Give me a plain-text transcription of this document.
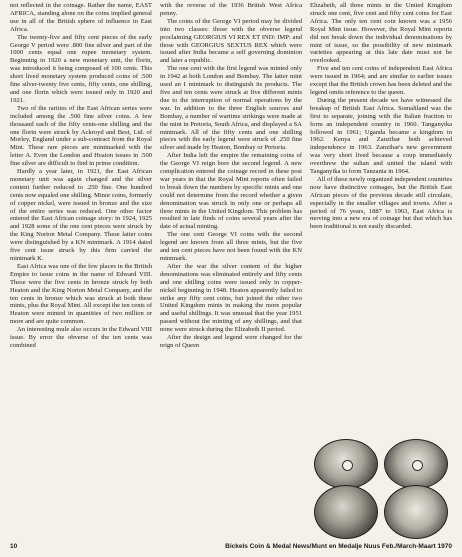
not reflected in the coinage. Rather the name, EAST AFRICA, standing alone on the coins implied general use in all of the British sphere of influence in East Africa.

The twenty-five and fifty cent pieces of the early George V period were .800 fine silver and part of the 1000 cents equal one rupee monetary system. Beginning in 1920 a new monetary unit, the florin, was introduced it being composed of 100 cents. This short lived monetary system produced coins of .500 fine silver-twenty five cents, fifty cents, one shilling, and one florin which were issued only in 1920 and 1921.

Two of the rarities of the East African series were included among the .500 fine silver coins. A few thousand each of the fifty cents-one shilling and the one florin were struck by Ackroyd and Best, Ltd. of Morley, England under a sub-contract from the Royal Mint. These rare pieces are mintmarked with the letter A. Even the London and Heaton issues in .500 fine silver are difficult to find in prime condition.

Hardly a year later, in 1921, the East African monetary unit was again changed and the silver content further reduced to .250 fine. One hundred cents now equaled one shilling. Minor coins, formerly of copper nickel, were issued in bronze and the size of the entire series was reduced. One other factor entered the East African coinage story: in 1924, 1925 and 1928 some of the one cent pieces were struck by the King Norton Metal Company. These latter coins were distinguished by a KN mintmark. A 1914 dated five cent issue struck by this firm carried the mintmark K.

East Africa was one of the few places in the British Empire to issue coins in the name of Edward VIII. These were the five cents in bronze struck by both Heaton and the King Norton Metal Company, and the ten cents in bronze which was struck at both these mints, plus the Royal Mint. All except the ten cents of Heaton were minted in quantities of two million or more and are quite common.

An interesting mule also occurs in the Edward VIII issue. By error the obverse of the ten cents was combined

with the reverse of the 1936 British West Africa penny.

The coins of the George VI period may be divided into two classes: those with the obverse legend proclaiming GEORGIUS VI REX ET IND: IMP: and those with GEORGIUS SEXTUS REX which were issued after India became a self governing dominion and later a republic.

The one cent with the first legend was minted only in 1942 at both London and Bombay. The latter mint used an I mintmark to distinguish its products. The five and ten cents were struck at five different mints due to the interruption of normal operations by the war. In addition to the three English sources and Bombay, a number of wartime strikings were made at the mint in Pretoria, South Africa, and displayed a SA mintmark. All of the fifty cents and one shilling pieces with the early legend were struck of .250 fine silver and made by Heaton, Bombay or Pretoria.

After India left the empire the remaining coins of the George VI reign bore the second legend. A new complication entered the coinage record in these post war years in that the Royal Mint reports often failed to break down the numbers by specific mints and one could not determine from the record whether a given denomination was struck in only one or perhaps all three mints in the United Kingdom. This problem has resulted in late finds of coins several years after the date of actual minting.

The one cent George VI coins with the second legend are known from all three mints, but the five and ten cent pieces have not been found with the KN mintmark.

After the war the silver content of the higher denominations was eliminated entirely and fifty cents and one shilling coins were issued only in copper-nickel beginning in 1948. Heaton apparently failed to strike any fifty cent coins, but joined the other two United Kingdom mints in making the more popular and useful shillings. It was unusual that the year 1951 passed without the minting of any shillings, and that none were struck during the Elizabeth II period.

After the design and legend were changed for the reign of Queen

Elizabeth, all three mints in the United Kingdom struck one cent, five cent and fifty cent coins for East Africa. The only ten cent coin known was a 1956 Royal Mint issue. However, the Royal Mint reports did not break down the individual denominations by mint of issue, so the possibility of new mintmark varieties appearing at this late date must not be overlooked.

Five and ten cent coins of independent East Africa were issued in 1964; and are similar to earlier issues except that the British crown has been deleted and the legend omits reference to the queen.

During the present decade we have witnessed the breakup of British East Africa. Somaliland was the first to separate, joining with the Italian fraction to form an independent country in 1960. Tanganyika followed in 1961; Uganda became a kingdom in 1962. Kenya and Zanzibar both achieved independence in 1963. Zanzibar's new government was very short lived because a coup immediately overthrew the sultan and united the island with Tanganyika to form Tanzania in 1964.

All of these newly organized independent countries now have distinctive coinages, but the British East African pieces of the previous decade still circulate, especially in the smaller villages and towns. After a period of 76 years, 1887 to 1963, East Africa is moving into a new era of coinage but that which has been traditional is not easily discarded.

10	Bickels Coin & Medal News/Munt en Medalje Nuus Feb./March-Maart 1970
